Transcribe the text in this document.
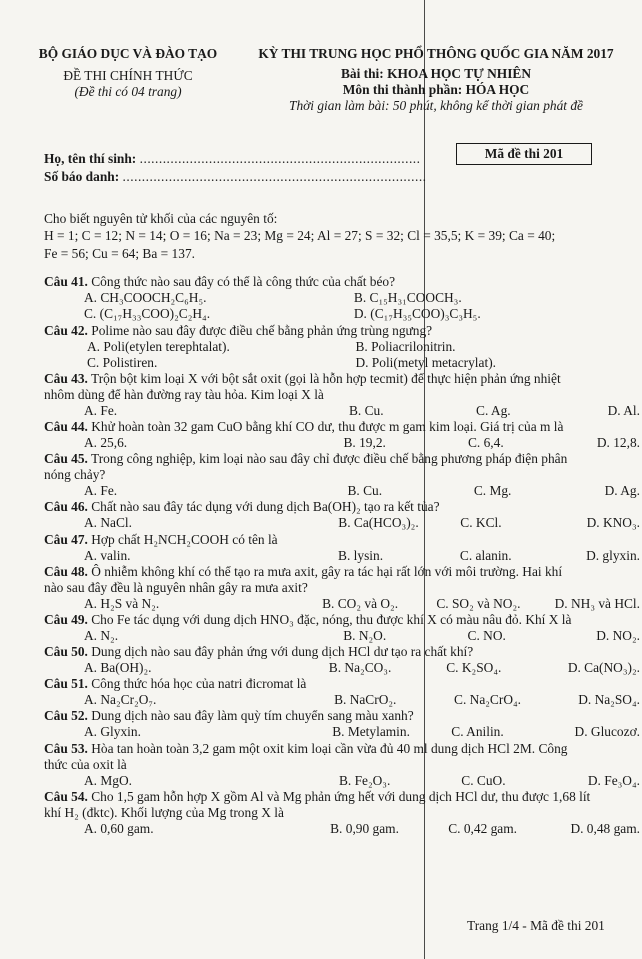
BỘ GIÁO DỤC VÀ ĐÀO TẠO
ĐỀ THI CHÍNH THỨC
(Đề thi có 04 trang)
KỲ THI TRUNG HỌC PHỔ THÔNG QUỐC GIA NĂM 2017
Bài thi: KHOA HỌC TỰ NHIÊN
Môn thi thành phần: HÓA HỌC
Thời gian làm bài: 50 phút, không kể thời gian phát đề
Họ, tên thí sinh: .........................................................................
Số báo danh: ...............................................................................
Mã đề thi 201
Cho biết nguyên tử khối của các nguyên tố:
H = 1; C = 12; N = 14; O = 16; Na = 23; Mg = 24; Al = 27; S = 32; Cl = 35,5; K = 39; Ca = 40;
Fe = 56; Cu = 64; Ba = 137.
Câu 41. Công thức nào sau đây có thể là công thức của chất béo?
A. CH₃COOCH₂C₆H₅.	B. C₁₅H₃₁COOCH₃.
C. (C₁₇H₃₃COO)₂C₂H₄.	D. (C₁₇H₃₅COO)₃C₃H₅.
Câu 42. Polime nào sau đây được điều chế bằng phản ứng trùng ngưng?
A. Poli(etylen terephtalat).	B. Poliacrilonitrin.
C. Polistiren.	D. Poli(metyl metacrylat).
Câu 43. Trộn bột kim loại X với bột sắt oxit (gọi là hỗn hợp tecmit) để thực hiện phản ứng nhiệt
nhôm dùng để hàn đường ray tàu hỏa. Kim loại X là
A. Fe.	B. Cu.	C. Ag.	D. Al.
Câu 44. Khử hoàn toàn 32 gam CuO bằng khí CO dư, thu được m gam kim loại. Giá trị của m là
A. 25,6.	B. 19,2.	C. 6,4.	D. 12,8.
Câu 45. Trong công nghiệp, kim loại nào sau đây chỉ được điều chế bằng phương pháp điện phân
nóng chảy?
A. Fe.	B. Cu.	C. Mg.	D. Ag.
Câu 46. Chất nào sau đây tác dụng với dung dịch Ba(OH)₂ tạo ra kết tủa?
A. NaCl.	B. Ca(HCO₃)₂.	C. KCl.	D. KNO₃.
Câu 47. Hợp chất H₂NCH₂COOH có tên là
A. valin.	B. lysin.	C. alanin.	D. glyxin.
Câu 48. Ô nhiễm không khí có thể tạo ra mưa axit, gây ra tác hại rất lớn với môi trường. Hai khí
nào sau đây đều là nguyên nhân gây ra mưa axit?
A. H₂S và N₂.	B. CO₂ và O₂.	C. SO₂ và NO₂.	D. NH₃ và HCl.
Câu 49. Cho Fe tác dụng với dung dịch HNO₃ đặc, nóng, thu được khí X có màu nâu đỏ. Khí X là
A. N₂.	B. N₂O.	C. NO.	D. NO₂.
Câu 50. Dung dịch nào sau đây phản ứng với dung dịch HCl dư tạo ra chất khí?
A. Ba(OH)₂.	B. Na₂CO₃.	C. K₂SO₄.	D. Ca(NO₃)₂.
Câu 51. Công thức hóa học của natri đicromat là
A. Na₂Cr₂O₇.	B. NaCrO₂.	C. Na₂CrO₄.	D. Na₂SO₄.
Câu 52. Dung dịch nào sau đây làm quỳ tím chuyển sang màu xanh?
A. Glyxin.	B. Metylamin.	C. Anilin.	D. Glucozơ.
Câu 53. Hòa tan hoàn toàn 3,2 gam một oxit kim loại cần vừa đủ 40 ml dung dịch HCl 2M. Công
thức của oxit là
A. MgO.	B. Fe₂O₃.	C. CuO.	D. Fe₃O₄.
Câu 54. Cho 1,5 gam hỗn hợp X gồm Al và Mg phản ứng hết với dung dịch HCl dư, thu được 1,68 lít
khí H₂ (đktc). Khối lượng của Mg trong X là
A. 0,60 gam.	B. 0,90 gam.	C. 0,42 gam.	D. 0,48 gam.
Trang 1/4 - Mã đề thi 201
